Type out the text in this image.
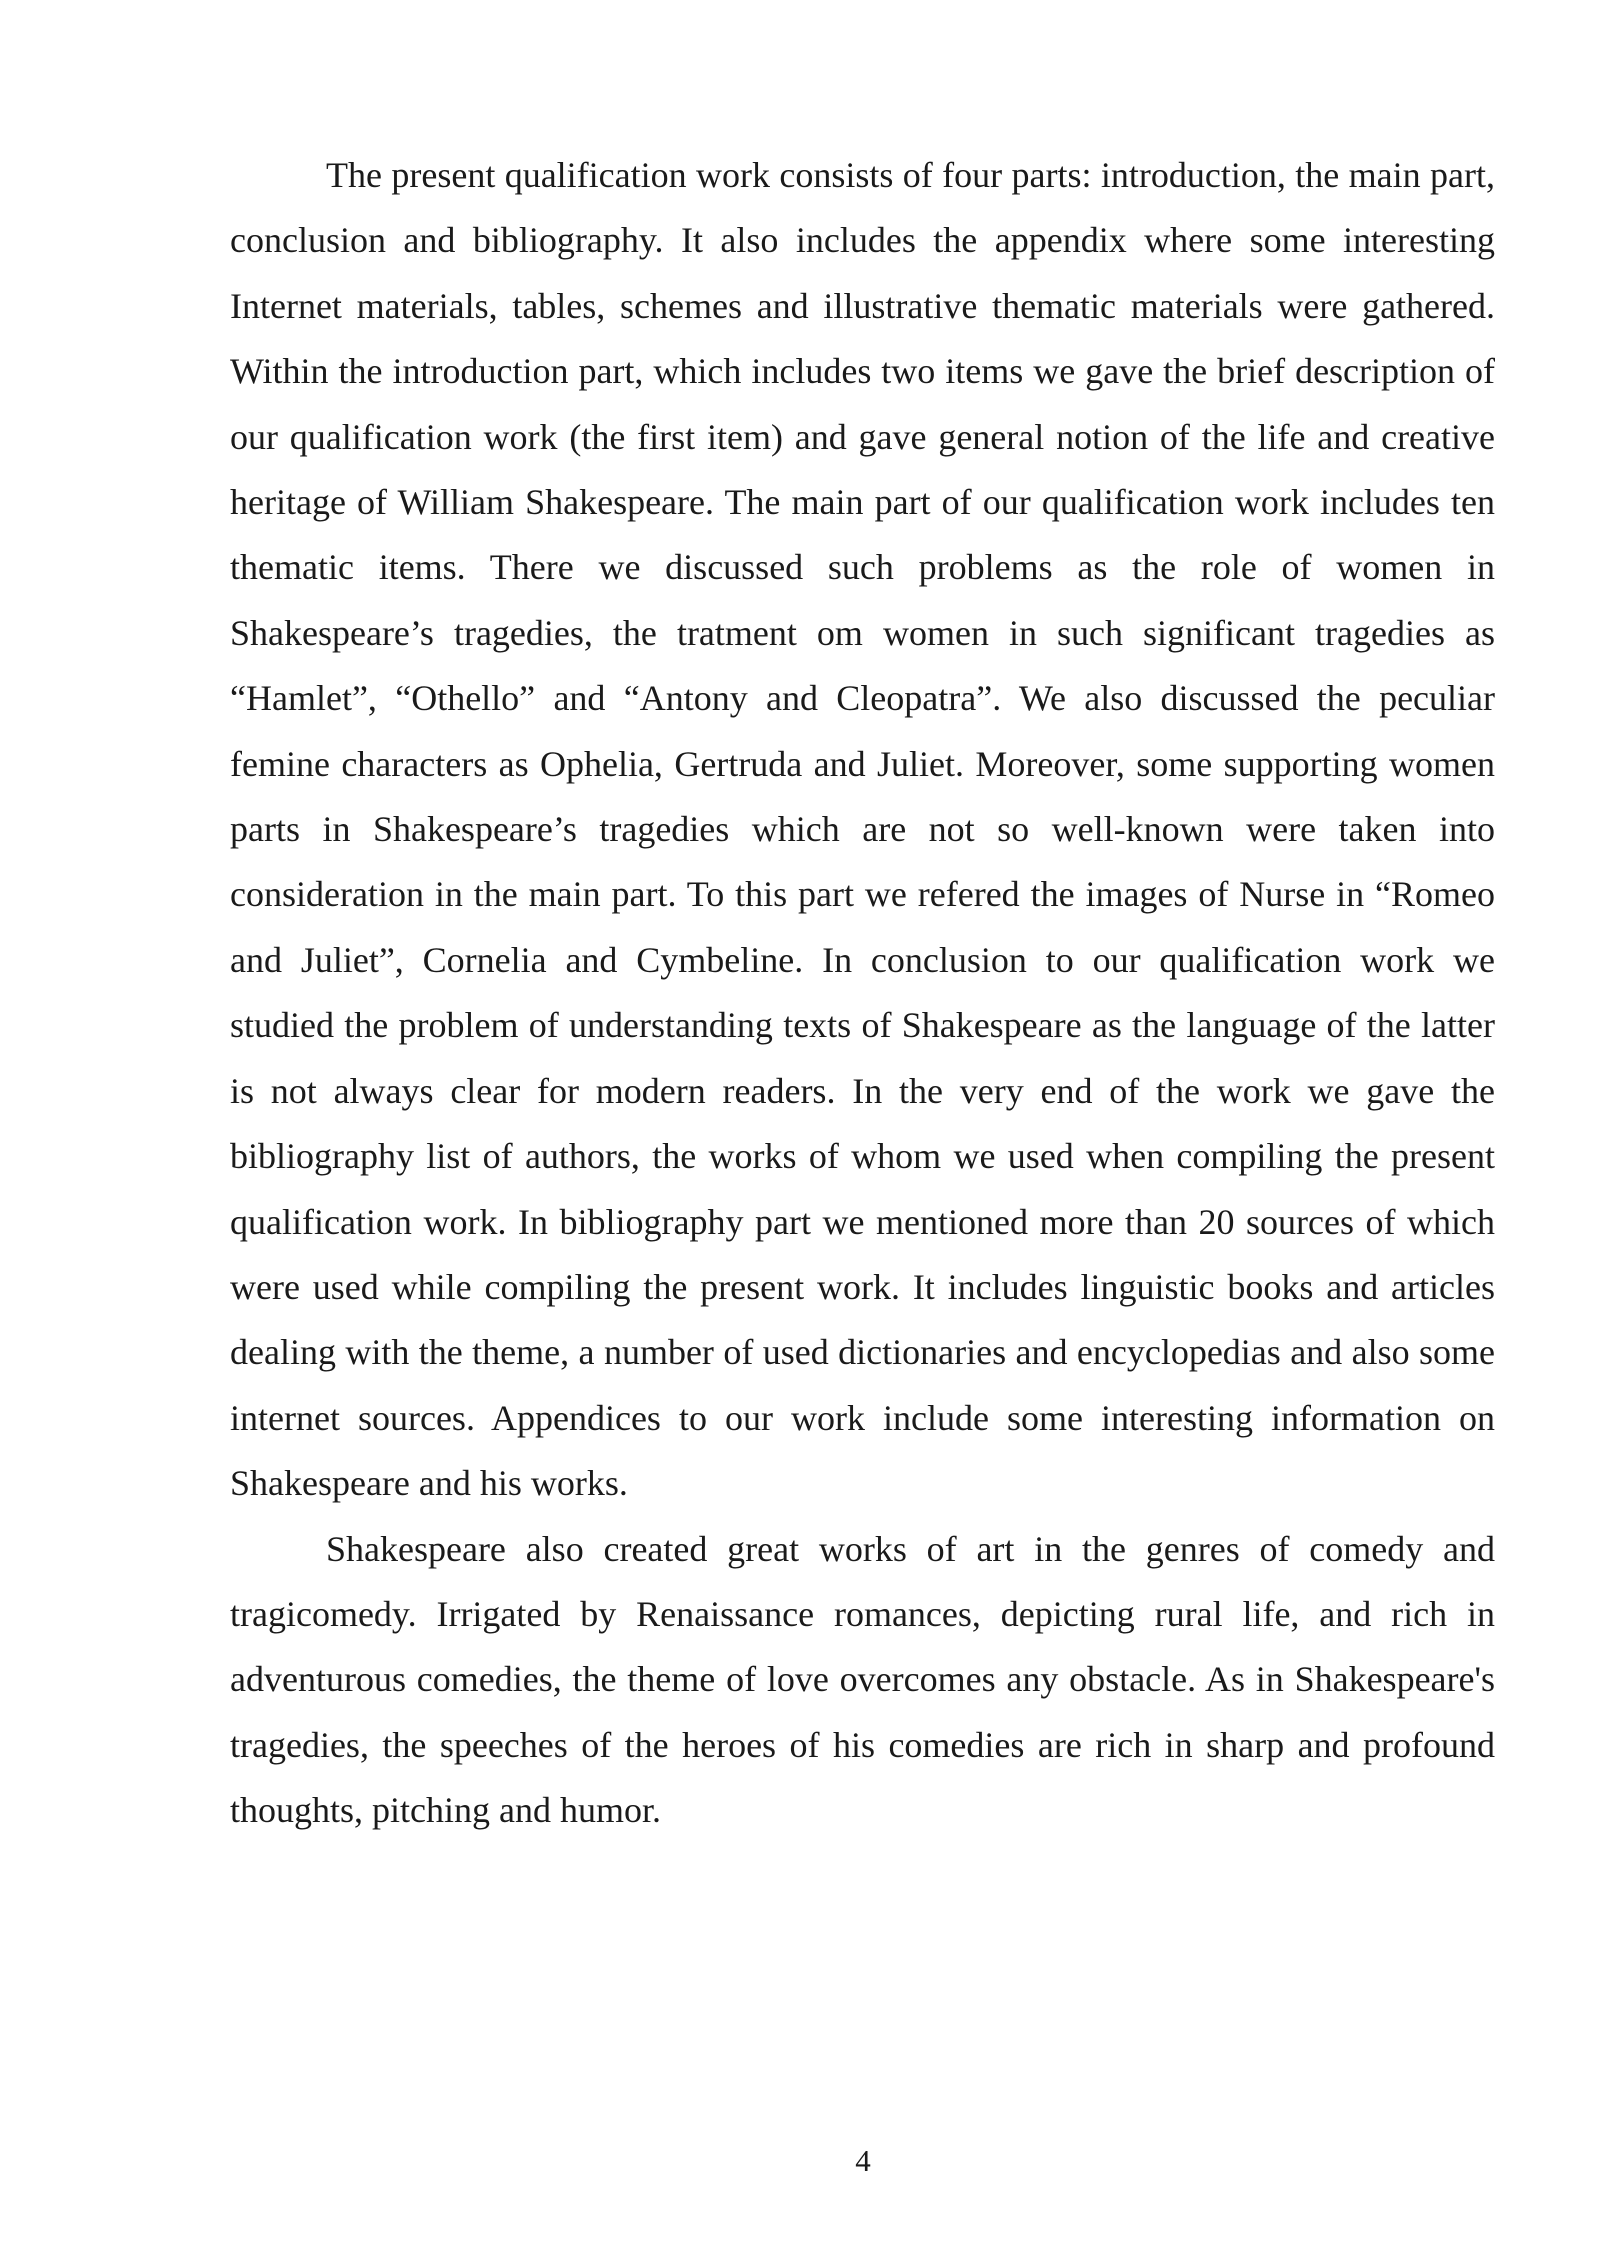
The present qualification work consists of four parts: introduction, the main part, conclusion and bibliography. It also includes the appendix where some interesting Internet materials, tables, schemes and illustrative thematic materials were gathered. Within the introduction part, which includes two items we gave the brief description of our qualification work (the first item) and gave general notion of the life and creative heritage of William Shakespeare. The main part of our qualification work includes ten thematic items. There we discussed such problems as the role of women in Shakespeare’s tragedies, the tratment om women in such significant tragedies as “Hamlet”, “Othello” and “Antony and Cleopatra”. We also discussed the peculiar femine characters as Ophelia, Gertruda and Juliet. Moreover, some supporting women parts in Shakespeare’s tragedies which are not so well-known were taken into consideration in the main part. To this part we refered the images of Nurse in “Romeo and Juliet”, Cornelia and Cymbeline. In conclusion to our qualification work we studied the problem of understanding texts of Shakespeare as the language of the latter is not always clear for modern readers. In the very end of the work we gave the bibliography list of authors, the works of whom we used when compiling the present qualification work. In bibliography part we mentioned more than 20 sources of which were used while compiling the present work. It includes linguistic books and articles dealing with the theme, a number of used dictionaries and encyclopedias and also some internet sources. Appendices to our work include some interesting information on Shakespeare and his works.

Shakespeare also created great works of art in the genres of comedy and tragicomedy. Irrigated by Renaissance romances, depicting rural life, and rich in adventurous comedies, the theme of love overcomes any obstacle. As in Shakespeare's tragedies, the speeches of the heroes of his comedies are rich in sharp and profound thoughts, pitching and humor.

4
